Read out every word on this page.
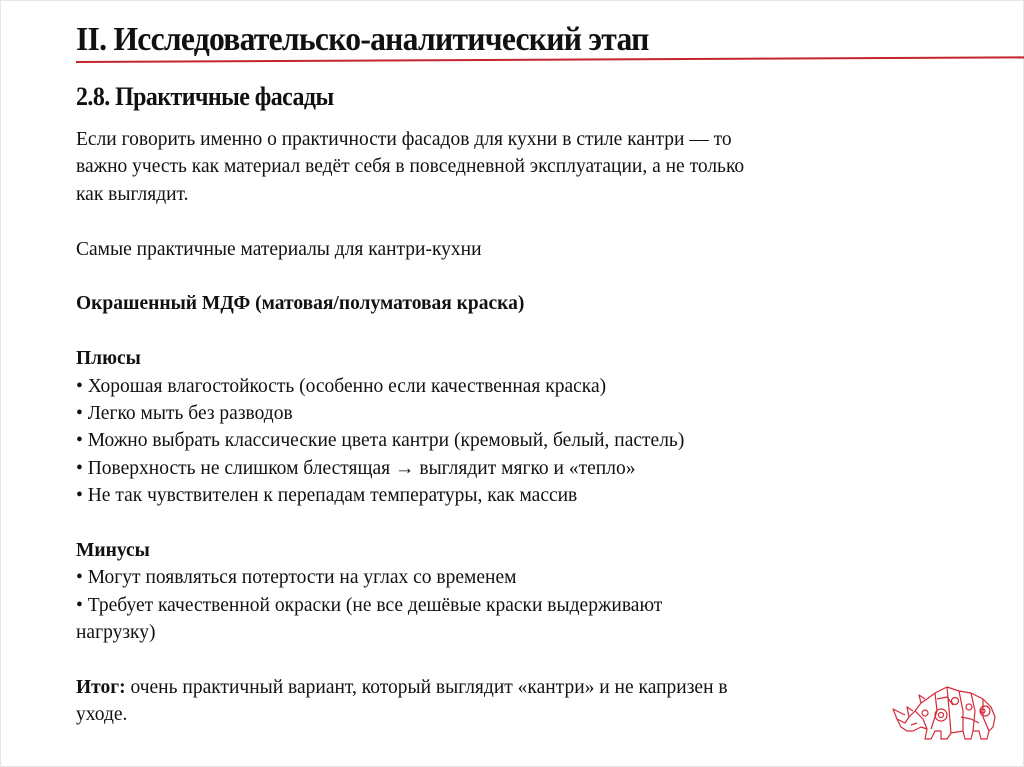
II. Исследовательско-аналитический этап
2.8. Практичные фасады

Если говорить именно о практичности фасадов для кухни в стиле кантри — то важно учесть как материал ведёт себя в повседневной эксплуатации, а не только как выглядит.

Самые практичные материалы для кантри-кухни

Окрашенный МДФ (матовая/полуматовая краска)

Плюсы

• Хорошая влагостойкость (особенно если качественная краска)

• Легко мыть без разводов

• Можно выбрать классические цвета кантри (кремовый, белый, пастель)

• Поверхность не слишком блестящая → выглядит мягко и «тепло»

• Не так чувствителен к перепадам температуры, как массив

Минусы

• Могут появляться потертости на углах со временем

• Требует качественной окраски (не все дешёвые краски выдерживают нагрузку)

Итог: очень практичный вариант, который выглядит «кантри» и не капризен в уходе.
